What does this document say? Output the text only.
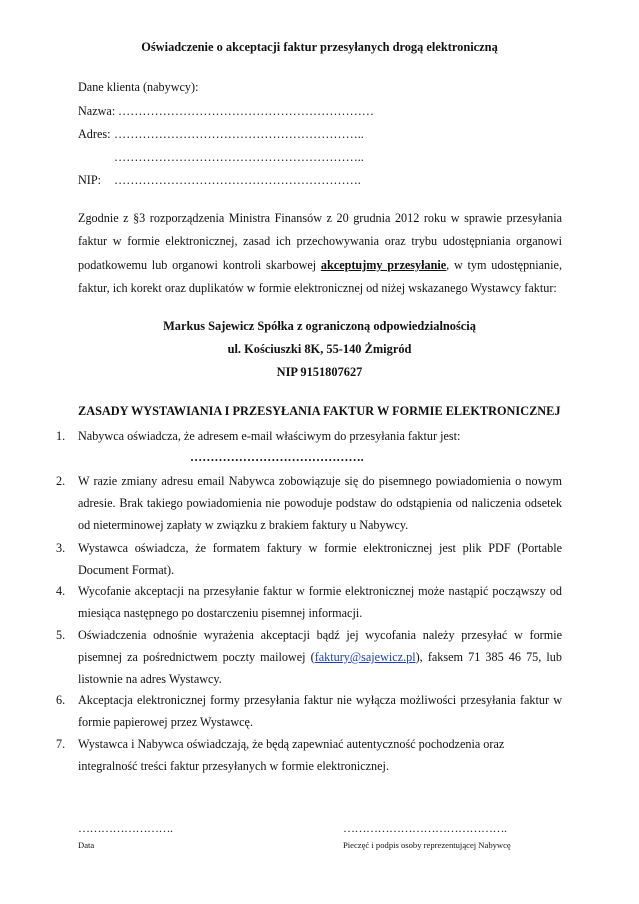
Oświadczenie o akceptacji faktur przesyłanych drogą elektroniczną
Dane klienta (nabywcy):
Nazwa: ………………………………………………………
Adres: ……………………………………………………..
……………………………………………………..
NIP: …………………………………………………….
Zgodnie z §3 rozporządzenia Ministra Finansów z 20 grudnia 2012 roku w sprawie przesyłania faktur w formie elektronicznej, zasad ich przechowywania oraz trybu udostępniania organowi podatkowemu lub organowi kontroli skarbowej akceptujmy przesyłanie, w tym udostępnianie, faktur, ich korekt oraz duplikatów w formie elektronicznej od niżej wskazanego Wystawcy faktur:
Markus Sajewicz Spółka z ograniczoną odpowiedzialnością
ul. Kościuszki 8K, 55-140 Żmigród
NIP 9151807627
ZASADY WYSTAWIANIA I PRZESYŁANIA FAKTUR W FORMIE ELEKTRONICZNEJ
1.	Nabywca oświadcza, że adresem e-mail właściwym do przesyłania faktur jest:
…………………………………….
2.	W razie zmiany adresu email Nabywca zobowiązuje się do pisemnego powiadomienia o nowym adresie. Brak takiego powiadomienia nie powoduje podstaw do odstąpienia od naliczenia odsetek od nieterminowej zapłaty w związku z brakiem faktury u Nabywcy.
3.	Wystawca oświadcza, że formatem faktury w formie elektronicznej jest plik PDF (Portable Document Format).
4.	Wycofanie akceptacji na przesyłanie faktur w formie elektronicznej może nastąpić począwszy od miesiąca następnego po dostarczeniu pisemnej informacji.
5.	Oświadczenia odnośnie wyrażenia akceptacji bądź jej wycofania należy przesyłać w formie pisemnej za pośrednictwem poczty mailowej (faktury@sajewicz.pl), faksem 71 385 46 75, lub listownie na adres Wystawcy.
6.	Akceptacja elektronicznej formy przesyłania faktur nie wyłącza możliwości przesyłania faktur w formie papierowej przez Wystawcę.
7.	Wystawca i Nabywca oświadczają, że będą zapewniać autentyczność pochodzenia oraz
integralność treści faktur przesyłanych w formie elektronicznej.
…………………….
Data
…………………………………….
Pieczęć i podpis osoby reprezentującej Nabywcę
